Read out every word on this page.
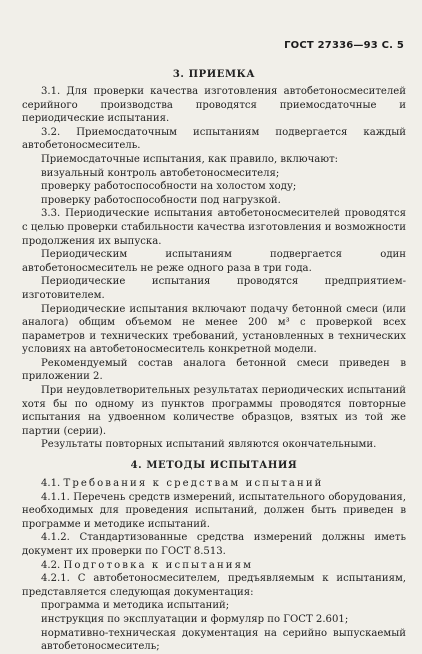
ГОСТ 27336—93 С. 5
3. ПРИЕМКА

3.1. Для проверки качества изготовления автобетоносмесителей серийного производства проводятся приемосдаточные и периодические испытания.

3.2. Приемосдаточным испытаниям подвергается каждый автобетоносмеситель.

Приемосдаточные испытания, как правило, включают:

визуальный контроль автобетоносмесителя;

проверку работоспособности на холостом ходу;

проверку работоспособности под нагрузкой.

3.3. Периодические испытания автобетоносмесителей проводятся с целью проверки стабильности качества изготовления и возможности продолжения их выпуска.

Периодическим испытаниям подвергается один автобетоносмеситель не реже одного раза в три года.

Периодические испытания проводятся предприятием-изготовителем.

Периодические испытания включают подачу бетонной смеси (или аналога) общим объемом не менее 200 м³ с проверкой всех параметров и технических требований, установленных в технических условиях на автобетоносмеситель конкретной модели.

Рекомендуемый состав аналога бетонной смеси приведен в приложении 2.

При неудовлетворительных результатах периодических испытаний хотя бы по одному из пунктов программы проводятся повторные испытания на удвоенном количестве образцов, взятых из той же партии (серии).

Результаты повторных испытаний являются окончательными.

4. МЕТОДЫ ИСПЫТАНИЯ

4.1. Требования к средствам испытаний

4.1.1. Перечень средств измерений, испытательного оборудования, необходимых для проведения испытаний, должен быть приведен в программе и методике испытаний.

4.1.2. Стандартизованные средства измерений должны иметь документ их проверки по ГОСТ 8.513.

4.2. Подготовка к испытаниям

4.2.1. С автобетоносмесителем, предъявляемым к испытаниям, представляется следующая документация:

программа и методика испытаний;

инструкция по эксплуатации и формуляр по ГОСТ 2.601;

нормативно-техническая документация на серийно выпускаемый автобетоносмеситель;
